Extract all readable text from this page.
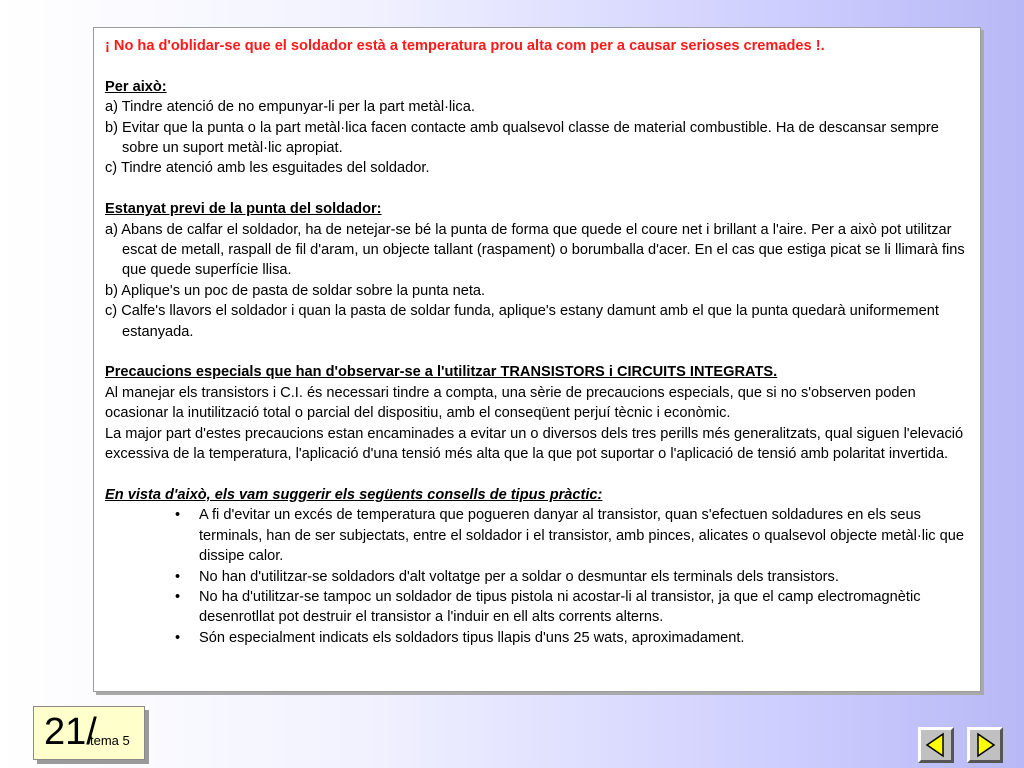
¡ No ha d'oblidar-se que el soldador està a temperatura prou alta com per a causar serioses cremades !.

Per això:

a) Tindre atenció de no empunyar-li per la part metàl·lica.

b) Evitar que la punta o la part metàl·lica facen contacte amb qualsevol classe de material combustible. Ha de descansar sempre sobre un suport metàl·lic apropiat.

c) Tindre atenció amb les esguitades del soldador.

Estanyat previ de la punta del soldador:

a) Abans de calfar el soldador, ha de netejar-se bé la punta de forma que quede el coure net i brillant a l'aire. Per a això pot utilitzar escat de metall, raspall de fil d'aram, un objecte tallant (raspament) o borumballa d'acer. En el cas que estiga picat se li llimarà fins que quede superfície llisa.

b) Aplique's un poc de pasta de soldar sobre la punta neta.

c) Calfe's llavors el soldador i quan la pasta de soldar funda, aplique's estany damunt amb el que la punta quedarà uniformement estanyada.

Precaucions especials que han d'observar-se a l'utilitzar TRANSISTORS i CIRCUITS INTEGRATS.

Al manejar els transistors i C.I. és necessari tindre a compta, una sèrie de precaucions especials, que si no s'observen poden ocasionar la inutilització total o parcial del dispositiu, amb el conseqüent perjuí tècnic i econòmic.

La major part d'estes precaucions estan encaminades a evitar un o diversos dels tres perills més generalitzats, qual siguen l'elevació excessiva de la temperatura, l'aplicació d'una tensió més alta que la que pot suportar o l'aplicació de tensió amb polaritat invertida.

En vista d'això, els vam suggerir els següents consells de tipus pràctic:

• A fi d'evitar un excés de temperatura que pogueren danyar al transistor, quan s'efectuen soldadures en els seus terminals, han de ser subjectats, entre el soldador i el transistor, amb pinces, alicates o qualsevol objecte metàl·lic que dissipe calor.
• No han d'utilitzar-se soldadors d'alt voltatge per a soldar o desmuntar els terminals dels transistors.
• No ha d'utilitzar-se tampoc un soldador de tipus pistola ni acostar-li al transistor, ja que el camp electromagnètic desenrotllat pot destruir el transistor a l'induir en ell alts corrents alterns.
• Són especialment indicats els soldadors tipus llapis d'uns 25 wats, aproximadament.
21/
tema 5
